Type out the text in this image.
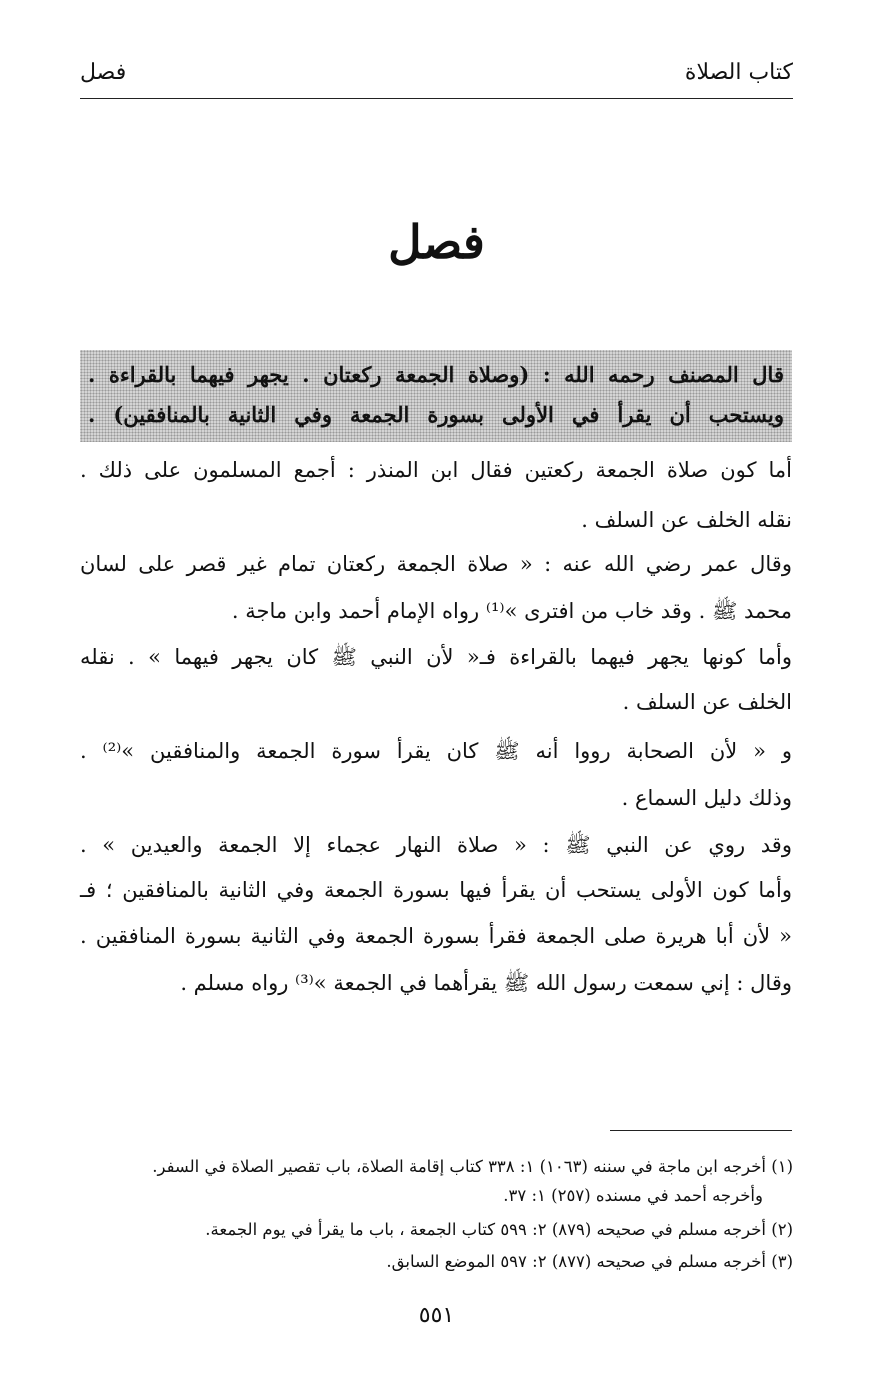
كتاب الصلاة
فصل
فصل
قال المصنف رحمه الله : (وصلاة الجمعة ركعتان . يجهر فيهما بالقراءة .
ويستحب أن يقرأ في الأولى بسورة الجمعة وفي الثانية بالمنافقين) .
أما كون صلاة الجمعة ركعتين فقال ابن المنذر : أجمع المسلمون على ذلك .
نقله الخلف عن السلف .
وقال عمر رضي الله عنه : « صلاة الجمعة ركعتان تمام غير قصر على لسان
محمد ﷺ . وقد خاب من افترى »⁽¹⁾ رواه الإمام أحمد وابن ماجة .
وأما كونها يجهر فيهما بالقراءة فـ« لأن النبي ﷺ كان يجهر فيهما » . نقله
الخلف عن السلف .
و « لأن الصحابة رووا أنه ﷺ كان يقرأ سورة الجمعة والمنافقين »⁽²⁾ .
وذلك دليل السماع .
وقد روي عن النبي ﷺ : « صلاة النهار عجماء إلا الجمعة والعيدين » .
وأما كون الأولى يستحب أن يقرأ فيها بسورة الجمعة وفي الثانية بالمنافقين ؛ فـ
« لأن أبا هريرة صلى الجمعة فقرأ بسورة الجمعة وفي الثانية بسورة المنافقين .
وقال : إني سمعت رسول الله ﷺ يقرأهما في الجمعة »⁽³⁾ رواه مسلم .
(١) أخرجه ابن ماجة في سننه (١٠٦٣) ١: ٣٣٨ كتاب إقامة الصلاة، باب تقصير الصلاة في السفر.
وأخرجه أحمد في مسنده (٢٥٧) ١: ٣٧.
(٢) أخرجه مسلم في صحيحه (٨٧٩) ٢: ٥٩٩ كتاب الجمعة ، باب ما يقرأ في يوم الجمعة.
(٣) أخرجه مسلم في صحيحه (٨٧٧) ٢: ٥٩٧ الموضع السابق.
٥٥١
